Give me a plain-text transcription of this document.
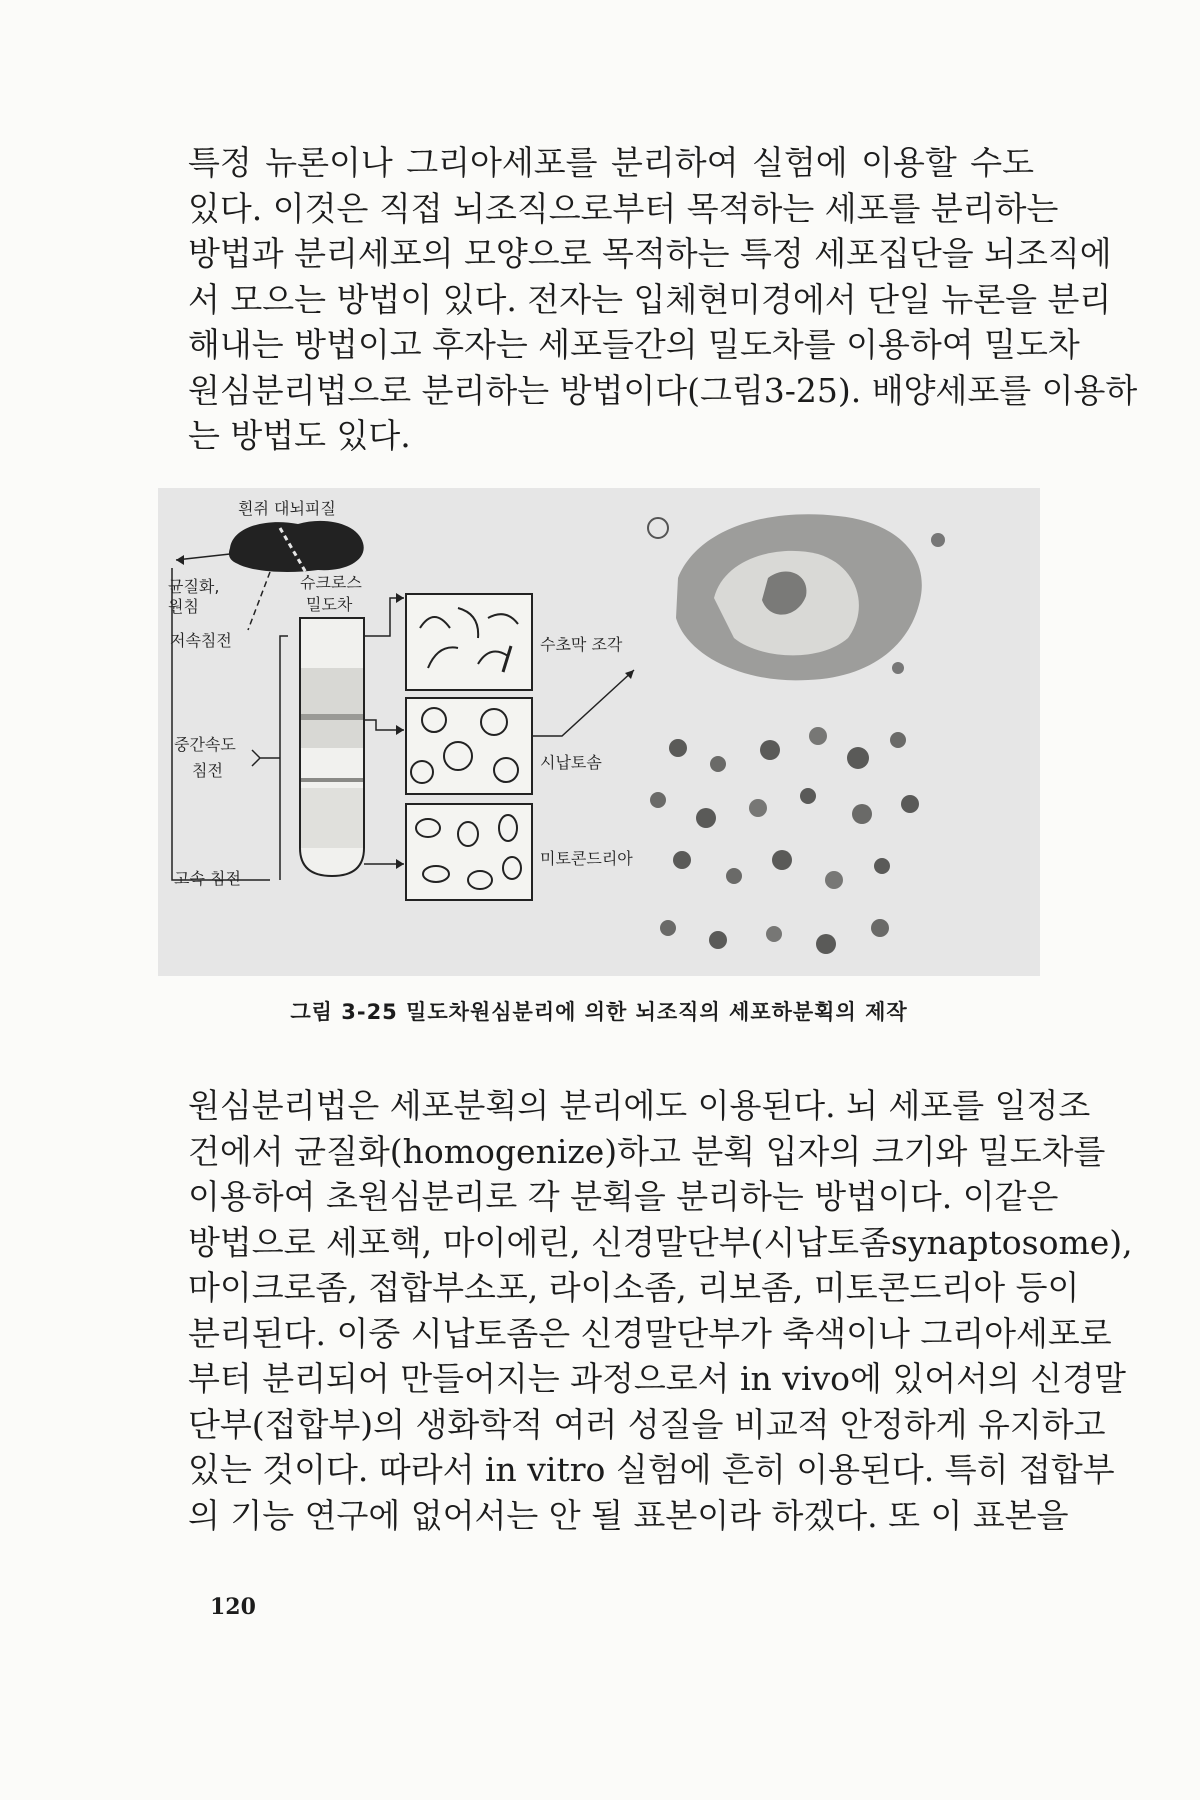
특정 뉴론이나 그리아세포를 분리하여 실험에 이용할 수도
있다. 이것은 직접 뇌조직으로부터 목적하는 세포를 분리하는
방법과 분리세포의 모양으로 목적하는 특정 세포집단을 뇌조직에
서 모으는 방법이 있다. 전자는 입체현미경에서 단일 뉴론을 분리
해내는 방법이고 후자는 세포들간의 밀도차를 이용하여 밀도차
원심분리법으로 분리하는 방법이다(그림3-25). 배양세포를 이용하
는 방법도 있다.
흰쥐 대뇌피질
균질화,
원침
슈크로스
밀도차
저속침전
중간속도
침전
고속 침전
수초막 조각
시납토솜
미토콘드리아
그림 3-25 밀도차원심분리에 의한 뇌조직의 세포하분획의 제작
원심분리법은 세포분획의 분리에도 이용된다. 뇌 세포를 일정조
건에서 균질화(homogenize)하고 분획 입자의 크기와 밀도차를
이용하여 초원심분리로 각 분획을 분리하는 방법이다. 이같은
방법으로 세포핵, 마이에린, 신경말단부(시납토좀synaptosome),
마이크로좀, 접합부소포, 라이소좀, 리보좀, 미토콘드리아 등이
분리된다. 이중 시납토좀은 신경말단부가 축색이나 그리아세포로
부터 분리되어 만들어지는 과정으로서 in vivo에 있어서의 신경말
단부(접합부)의 생화학적 여러 성질을 비교적 안정하게 유지하고
있는 것이다. 따라서 in vitro 실험에 흔히 이용된다. 특히 접합부
의 기능 연구에 없어서는 안 될 표본이라 하겠다. 또 이 표본을
120
